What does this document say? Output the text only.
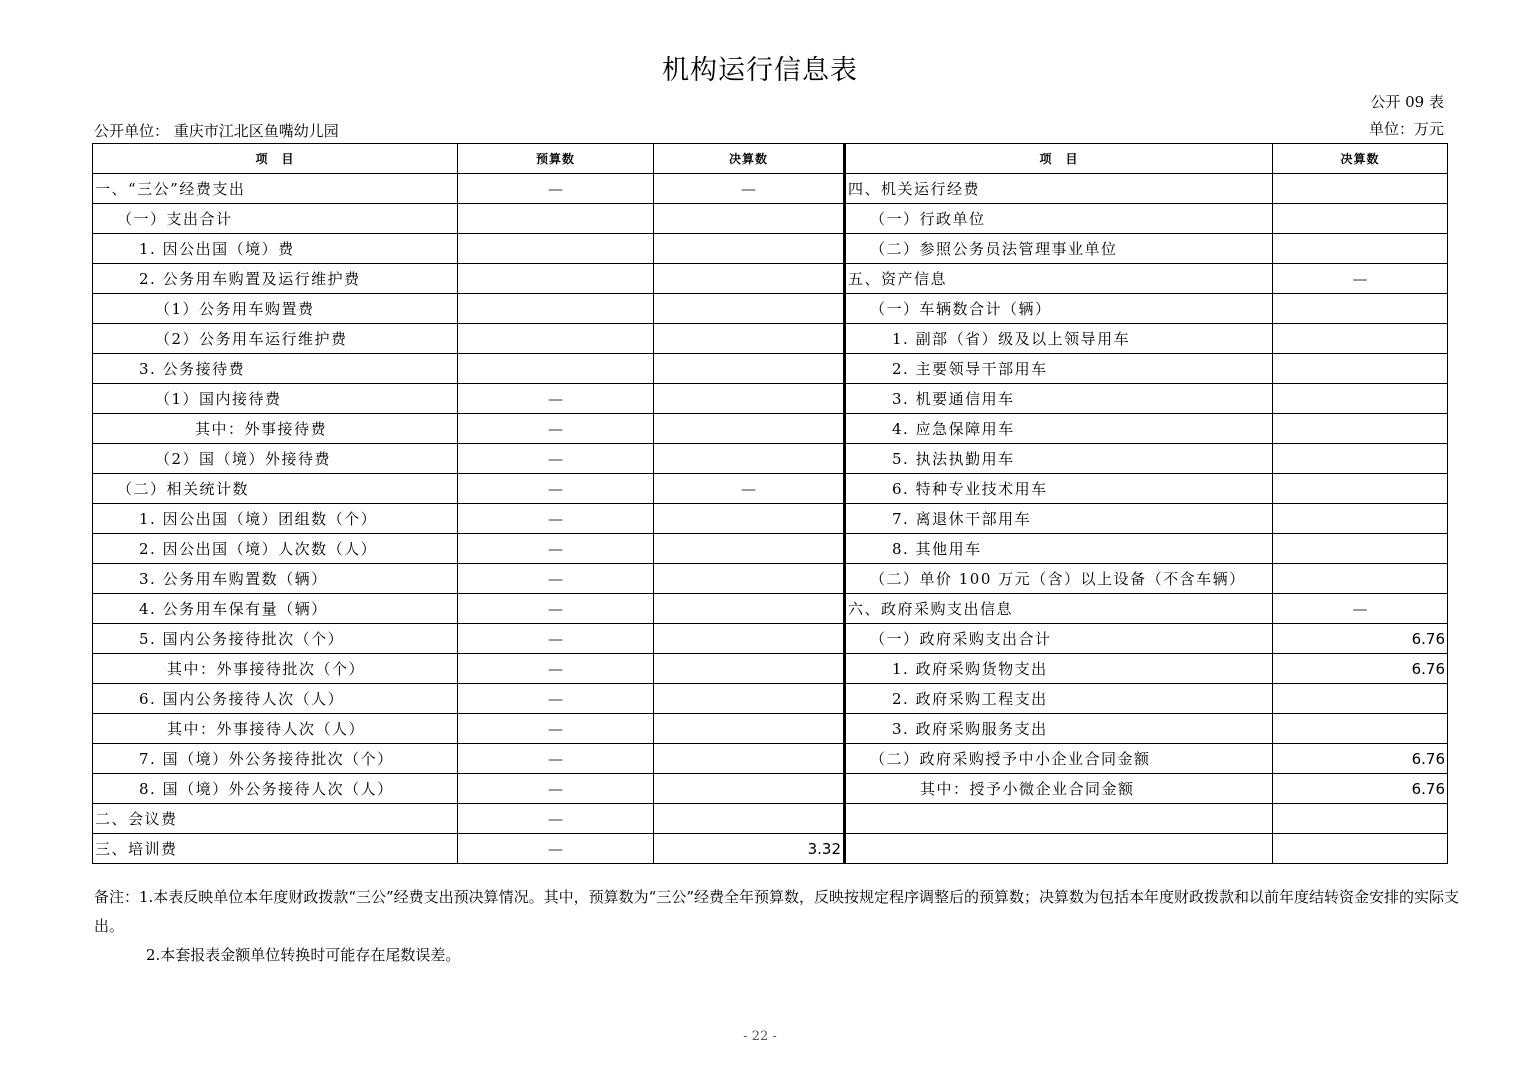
机构运行信息表
公开 09 表
单位：万元
公开单位： 重庆市江北区鱼嘴幼儿园
项　目	预算数	决算数	项　目	决算数
一、“三公”经费支出	—	—	四、机关运行经费	
（一）支出合计			（一）行政单位	
1. 因公出国（境）费			（二）参照公务员法管理事业单位	
2. 公务用车购置及运行维护费			五、资产信息	—
（1）公务用车购置费			（一）车辆数合计（辆）	
（2）公务用车运行维护费			1. 副部（省）级及以上领导用车	
3. 公务接待费			2. 主要领导干部用车	
（1）国内接待费	—		3. 机要通信用车	
其中：外事接待费	—		4. 应急保障用车	
（2）国（境）外接待费	—		5. 执法执勤用车	
（二）相关统计数	—	—	6. 特种专业技术用车	
1. 因公出国（境）团组数（个）	—		7. 离退休干部用车	
2. 因公出国（境）人次数（人）	—		8. 其他用车	
3. 公务用车购置数（辆）	—		（二）单价 100 万元（含）以上设备（不含车辆）	
4. 公务用车保有量（辆）	—		六、政府采购支出信息	—
5. 国内公务接待批次（个）	—		（一）政府采购支出合计	6.76
其中：外事接待批次（个）	—		1. 政府采购货物支出	6.76
6. 国内公务接待人次（人）	—		2. 政府采购工程支出	
其中：外事接待人次（人）	—		3. 政府采购服务支出	
7. 国（境）外公务接待批次（个）	—		（二）政府采购授予中小企业合同金额	6.76
8. 国（境）外公务接待人次（人）	—		其中：授予小微企业合同金额	6.76
二、会议费	—			
三、培训费	—	3.32		
备注：1.本表反映单位本年度财政拨款“三公”经费支出预决算情况。其中，预算数为“三公”经费全年预算数，反映按规定程序调整后的预算数；决算数为包括本年度财政拨款和以前年度结转资金安排的实际支出。
2.本套报表金额单位转换时可能存在尾数误差。
- 22 -
